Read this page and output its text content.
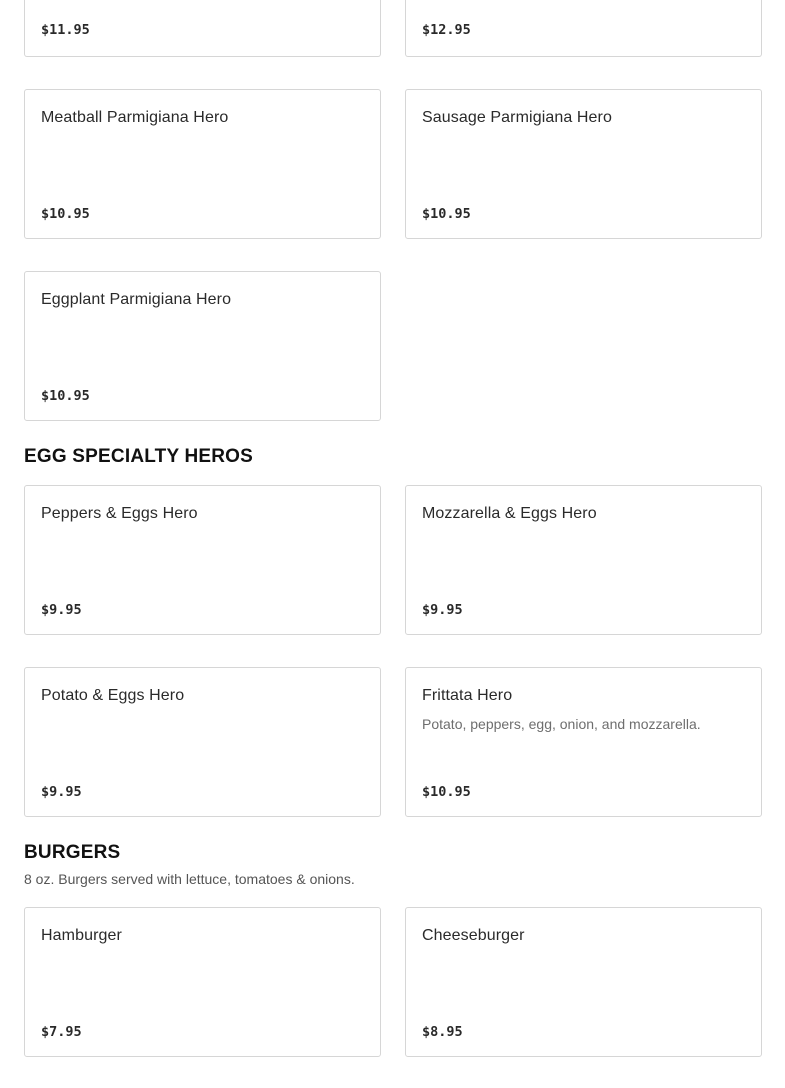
$11.95	$12.95
Meatball Parmigiana Hero
$10.95
Sausage Parmigiana Hero
$10.95
Eggplant Parmigiana Hero
$10.95
EGG SPECIALTY HEROS
Peppers & Eggs Hero
$9.95
Mozzarella & Eggs Hero
$9.95
Potato & Eggs Hero
$9.95
Frittata Hero
Potato, peppers, egg, onion, and mozzarella.
$10.95
BURGERS

8 oz. Burgers served with lettuce, tomatoes & onions.

Hamburger
$7.95
Cheeseburger
$8.95
